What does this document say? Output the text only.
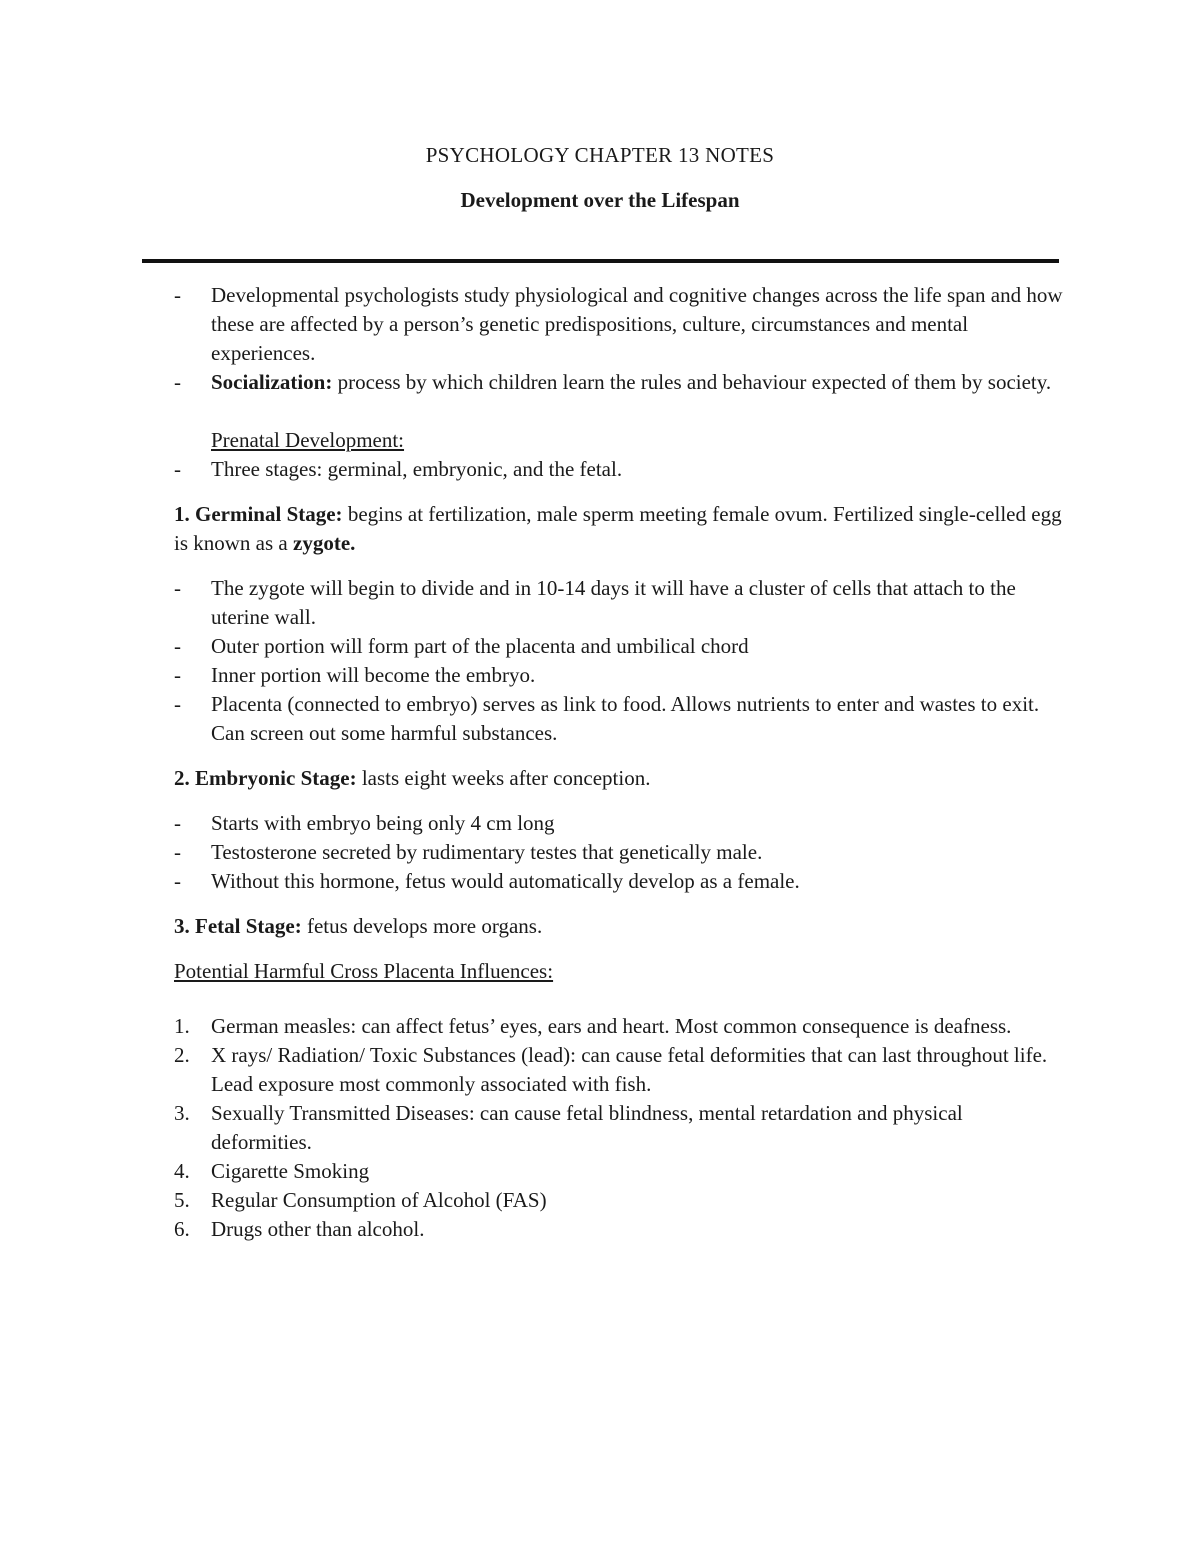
PSYCHOLOGY CHAPTER 13 NOTES
Development over the Lifespan
- Developmental psychologists study physiological and cognitive changes across the life span and how these are affected by a person’s genetic predispositions, culture, circumstances and mental experiences.
- Socialization: process by which children learn the rules and behaviour expected of them by society.
Prenatal Development:
- Three stages: germinal, embryonic, and the fetal.

1. Germinal Stage: begins at fertilization, male sperm meeting female ovum. Fertilized single-celled egg is known as a zygote.

- The zygote will begin to divide and in 10-14 days it will have a cluster of cells that attach to the uterine wall.
- Outer portion will form part of the placenta and umbilical chord
- Inner portion will become the embryo.
- Placenta (connected to embryo) serves as link to food. Allows nutrients to enter and wastes to exit. Can screen out some harmful substances.

2. Embryonic Stage: lasts eight weeks after conception.

- Starts with embryo being only 4 cm long
- Testosterone secreted by rudimentary testes that genetically male.
- Without this hormone, fetus would automatically develop as a female.

3. Fetal Stage: fetus develops more organs.

Potential Harmful Cross Placenta Influences:

1. German measles: can affect fetus’ eyes, ears and heart. Most common consequence is deafness.
2. X rays/ Radiation/ Toxic Substances (lead): can cause fetal deformities that can last throughout life. Lead exposure most commonly associated with fish.
3. Sexually Transmitted Diseases: can cause fetal blindness, mental retardation and physical deformities.
4. Cigarette Smoking
5. Regular Consumption of Alcohol (FAS)
6. Drugs other than alcohol.
